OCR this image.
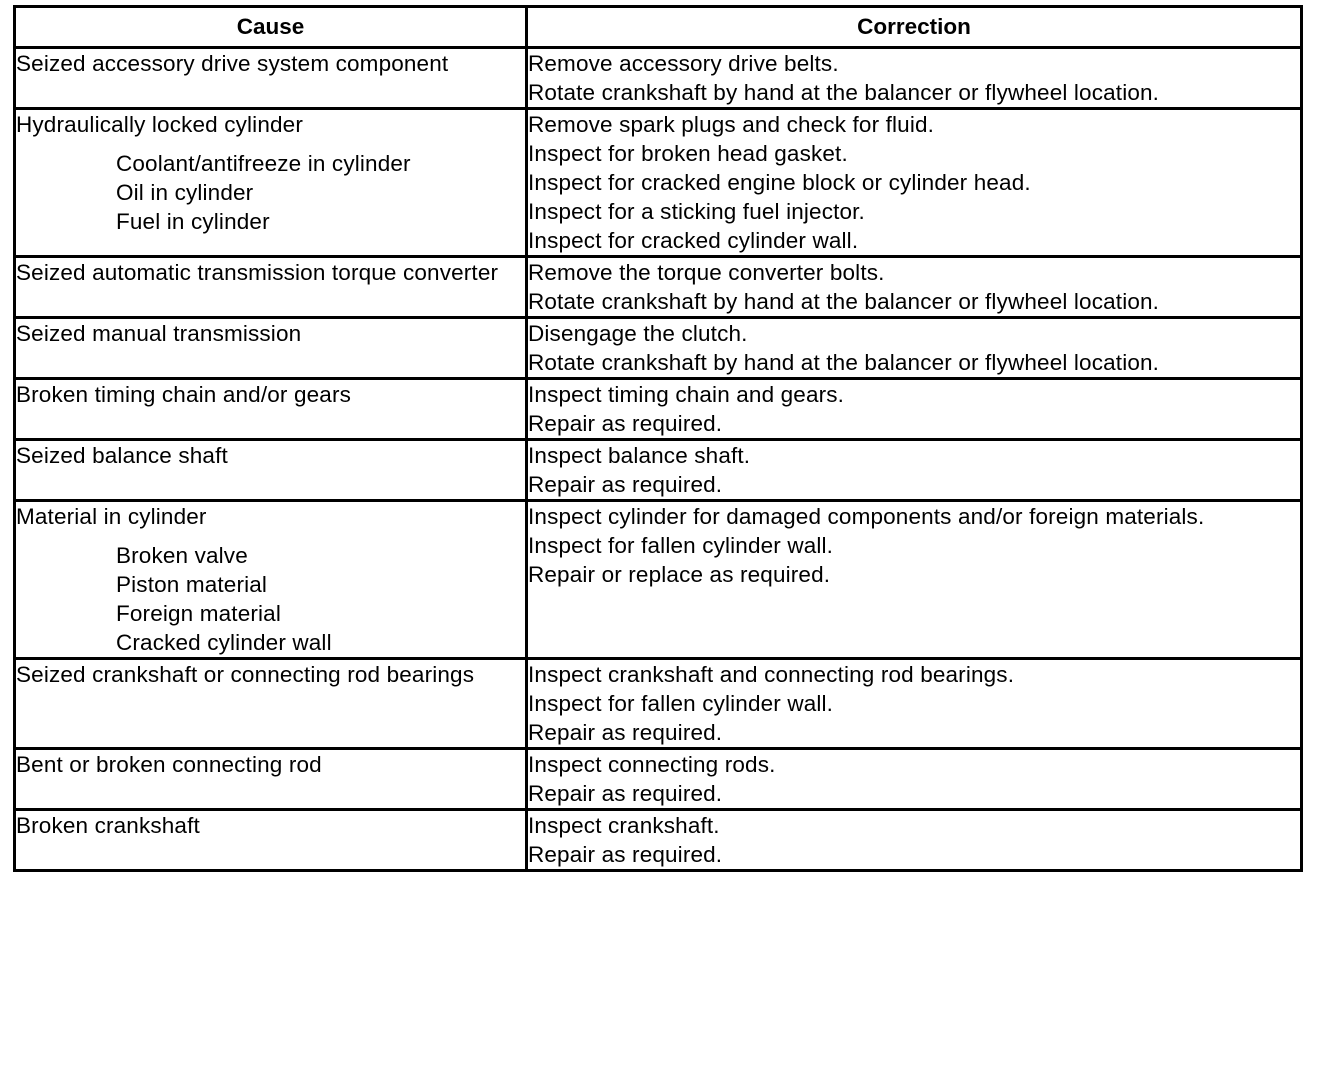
Cause	Correction

Seized accessory drive system component	Remove accessory drive belts.
Rotate crankshaft by hand at the balancer or flywheel location.

Hydraulically locked cylinder
Coolant/antifreeze in cylinder
Oil in cylinder
Fuel in cylinder	Remove spark plugs and check for fluid.
Inspect for broken head gasket.
Inspect for cracked engine block or cylinder head.
Inspect for a sticking fuel injector.
Inspect for cracked cylinder wall.

Seized automatic transmission torque converter	Remove the torque converter bolts.
Rotate crankshaft by hand at the balancer or flywheel location.

Seized manual transmission	Disengage the clutch.
Rotate crankshaft by hand at the balancer or flywheel location.

Broken timing chain and/or gears	Inspect timing chain and gears.
Repair as required.

Seized balance shaft	Inspect balance shaft.
Repair as required.

Material in cylinder
Broken valve
Piston material
Foreign material
Cracked cylinder wall	Inspect cylinder for damaged components and/or foreign materials.
Inspect for fallen cylinder wall.
Repair or replace as required.

Seized crankshaft or connecting rod bearings	Inspect crankshaft and connecting rod bearings.
Inspect for fallen cylinder wall.
Repair as required.

Bent or broken connecting rod	Inspect connecting rods.
Repair as required.

Broken crankshaft	Inspect crankshaft.
Repair as required.
